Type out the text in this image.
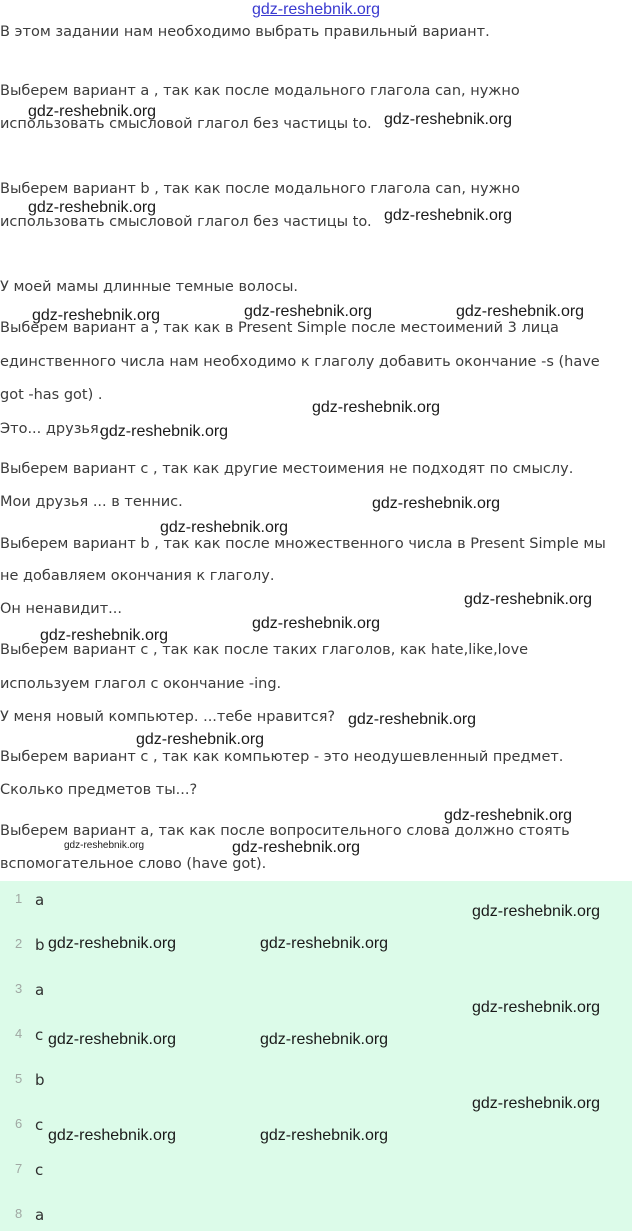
gdz-reshebnik.org
В этом задании нам необходимо выбрать правильный вариант.
Выберем вариант a , так как после модального глагола can, нужно
использовать смысловой глагол без частицы to.
Выберем вариант b , так как после модального глагола can, нужно
использовать смысловой глагол без частицы to.
У моей мамы длинные темные волосы.
Выберем вариант a , так как в Present Simple после местоимений 3 лица
единственного числа нам необходимо к глаголу добавить окончание -s (have
got -has got) .
Это... друзья.
Выберем вариант c , так как другие местоимения не подходят по смыслу.
Мои друзья ... в теннис.
Выберем вариант b , так как после множественного числа в Present Simple мы
не добавляем окончания к глаголу.
Он ненавидит...
Выберем вариант c , так как после таких глаголов, как hate,like,love
используем глагол с окончание -ing.
У меня новый компьютер. ...тебе нравится?
Выберем вариант c , так как компьютер - это неодушевленный предмет.
Сколько предметов ты...?
Выберем вариант a, так как после вопросительного слова должно стоять
вспомогательное слово (have got).
gdz-reshebnik.org	gdz-reshebnik.org
gdz-reshebnik.org	gdz-reshebnik.org
gdz-reshebnik.org	gdz-reshebnik.org	gdz-reshebnik.org
gdz-reshebnik.org
gdz-reshebnik.org
gdz-reshebnik.org
gdz-reshebnik.org
gdz-reshebnik.org
gdz-reshebnik.org
gdz-reshebnik.org
gdz-reshebnik.org
gdz-reshebnik.org
gdz-reshebnik.org
gdz-reshebnik.org
gdz-reshebnik.org
1 a
2 b
3 a
4 c
5 b
6 c
7 c
8 a
gdz-reshebnik.org
gdz-reshebnik.org	gdz-reshebnik.org
gdz-reshebnik.org
gdz-reshebnik.org	gdz-reshebnik.org
gdz-reshebnik.org
gdz-reshebnik.org	gdz-reshebnik.org
